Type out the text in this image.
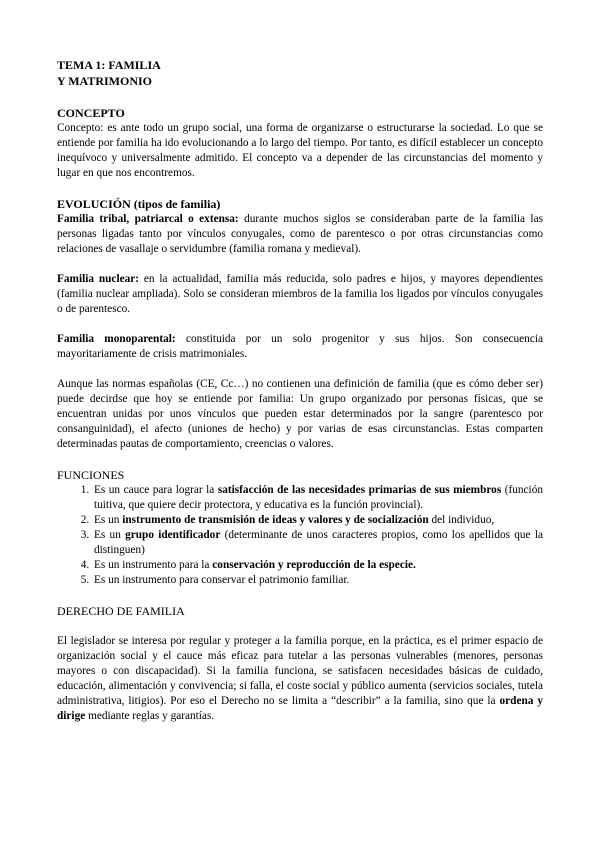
TEMA 1: FAMILIA

Y MATRIMONIO

CONCEPTO

Concepto: es ante todo un grupo social, una forma de organizarse o estructurarse la sociedad. Lo que se entiende por familia ha ido evolucionando a lo largo del tiempo. Por tanto, es difícil establecer un concepto inequívoco y universalmente admitido. El concepto va a depender de las circunstancias del momento y lugar en que nos encontremos.

EVOLUCIÓN (tipos de familia)

Familia tribal, patriarcal o extensa: durante muchos siglos se consideraban parte de la familia las personas ligadas tanto por vínculos conyugales, como de parentesco o por otras circunstancias como relaciones de vasallaje o servidumbre (familia romana y medieval).

Familia nuclear: en la actualidad, familia más reducida, solo padres e hijos, y mayores dependientes (familia nuclear ampliada). Solo se consideran miembros de la familia los ligados por vínculos conyugales o de parentesco.

Familia monoparental: constituida por un solo progenitor y sus hijos. Son consecuencia mayoritariamente de crisis matrimoniales.

Aunque las normas españolas (CE, Cc…) no contienen una definición de familia (que es cómo deber ser) puede decirdse que hoy se entiende por familia: Un grupo organizado por personas físicas, que se encuentran unidas por unos vínculos que pueden estar determinados por la sangre (parentesco por consanguinidad), el afecto (uniones de hecho) y por varias de esas circunstancias. Estas comparten determinadas pautas de comportamiento, creencias o valores.

FUNCIONES

1. Es un cauce para lograr la satisfacción de las necesidades primarias de sus miembros (función tuitiva, que quiere decir protectora, y educativa es la función provincial).
2. Es un instrumento de transmisión de ideas y valores y de socialización del individuo,
3. Es un grupo identificador (determinante de unos caracteres propios, como los apellidos que la distinguen)
4. Es un instrumento para la conservación y reproducción de la especie.
5. Es un instrumento para conservar el patrimonio familiar.

DERECHO DE FAMILIA

El legislador se interesa por regular y proteger a la familia porque, en la práctica, es el primer espacio de organización social y el cauce más eficaz para tutelar a las personas vulnerables (menores, personas mayores o con discapacidad). Si la familia funciona, se satisfacen necesidades básicas de cuidado, educación, alimentación y convivencia; si falla, el coste social y público aumenta (servicios sociales, tutela administrativa, litigios). Por eso el Derecho no se limita a “describir” a la familia, sino que la ordena y dirige mediante reglas y garantías.
